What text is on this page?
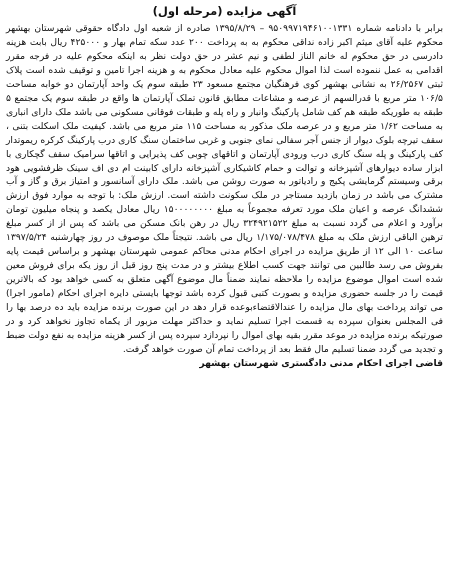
آگهی مزایده (مرحله اول)

برابر با دادنامه شماره ۹۵۰۹۹۷۱۹۴۶۱۰۰۱۳۳۱ – ۱۳۹۵/۸/۲۹ صادره از شعبه اول دادگاه حقوقی شهرستان بهشهر محکوم علیه آقای میثم اکبر زاده نداقی محکوم به به پرداخت ۲۰۰ عدد سکه تمام بهار و ۴۲۵۰۰۰ ریال بابت هزینه دادرسی در حق محکوم له خانم الناز لطفی و نیم عشر در حق دولت نظر به اینکه محکوم علیه در فرجه مقرر اقدامی به عمل ننموده است لذا اموال محکوم علیه معادل محکوم به و هزینه اجرا تامین و توقیف شده است پلاک ثبتی ۲۶/۲۵۶۷ به نشانی بهشهر کوی فرهنگیان مجتمع مسعود ۲۳ طبقه سوم یک واحد آپارتمان دو خوابه مساحت ۱۰۶/۵ متر مربع با قدرالسهم از عرصه و مشاعات مطابق قانون تملک آپارتمان ها واقع در طبقه سوم یک مجتمع ۵ طبقه به طوریکه طبقه هم کف شامل پارکینگ وانبار و راه پله و طبقات فوقانی مسکونی می باشد ملک دارای انباری به مساحت ۱/۶۲ متر مربع و در عرصه ملک مذکور به مساحت ۱۱۵ متر مربع می باشد. کیفیت ملک اسکلت بتنی ، سقف تیرچه بلوک دیوار از جنس آجر سفالی نمای جنوبی و غربی ساختمان سنگ کاری درب پارکینگ کرکره ریموتدار کف پارکینگ و پله سنگ کاری درب ورودی آپارتمان و اتاقهای چوبی کف پذیرایی و اتاقها سرامیک سقف گچکاری با ابزار ساده دیوارهای آشپزخانه و توالت و حمام کاشیکاری آشپزخانه دارای کابینت ام دی اف سینک ظرفشویی هود برقی وسیستم گرمایشی پکیج و رادیاتور به صورت روشن می باشد. ملک دارای آسانسور و امتیاز برق و گاز و آب مشترک می باشد در زمان بازدید مستاجر در ملک سکونت داشته است. ارزش ملک: با توجه به موارد فوق ارزش ششدانگ عرصه و اعیان ملک مورد تعرفه مجموعاً به مبلغ ۱۵۰۰۰۰۰۰۰۰ ریال معادل یکصد و پنجاه میلیون تومان برآورد و اعلام می گردد نسبت به مبلغ ۳۲۴۹۲۱۵۲۲ ریال در رهن بانک مسکن می باشد که پس از از کسر مبلغ ترهین الباقی ارزش ملک به مبلغ ۱/۱۷۵/۰۷۸/۴۷۸ ریال می باشد. نتیجتاً ملک موصوف در روز چهارشنبه ۱۳۹۷/۵/۲۴ ساعت ۱۰ الی ۱۲ از طریق مزایده در اجرای احکام مدنی محاکم عمومی شهرستان بهشهر و براساس قیمت پایه بفروش می رسد طالبین می توانند جهت کسب اطلاع بیشتر و در مدت پنج روز قبل از روز یکه برای فروش معین شده است اموال موضوع مزایده را ملاحظه نمایند ضمناً مال موضوع آگهی متعلق به کسی خواهد بود که بالاترین قیمت را در جلسه حضوری مزایده و بصورت کتبی قبول کرده باشد توجها بایستی دایره اجرای احکام (مامور اجرا) می تواند پرداخت بهای مال مزایده را عندالاقتضاءبوعده قرار دهد در این صورت برنده مزایده باید ده درصد بها را فی المجلس بعنوان سپرده به قسمت اجرا تسلیم نماید و حداکثر مهلت مزبور از یکماه تجاوز نخواهد کرد و در صورتیکه برنده مزایده در موعد مقرر بقیه بهای اموال را نپردازد سپرده پس از کسر هزینه مزایده به نفع دولت ضبط و تجدید می گردد ضمنا تسلیم مال فقط بعد از پرداخت تمام آن صورت خواهد گرفت.

قاضی اجرای احکام مدنی دادگستری شهرستان بهشهر
